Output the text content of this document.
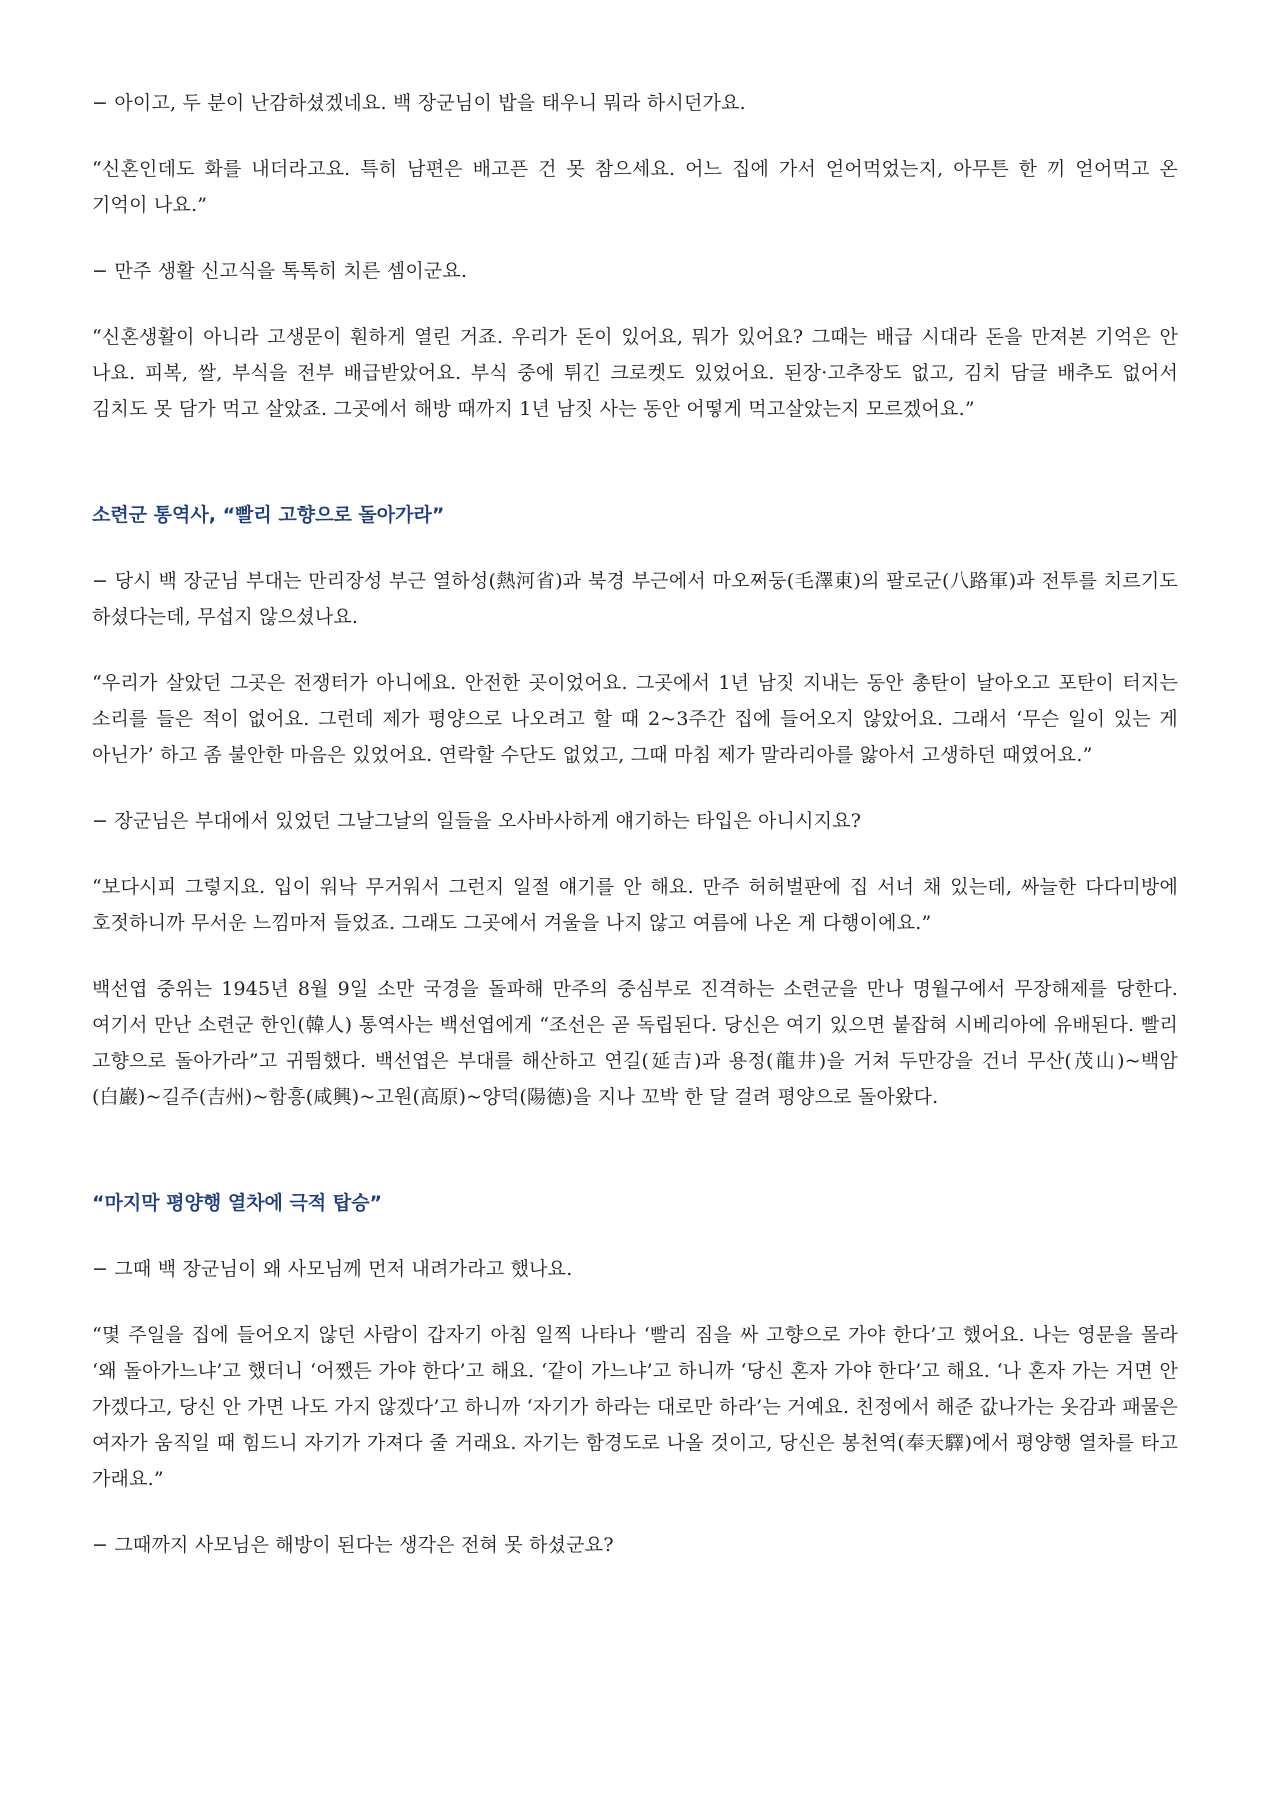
− 아이고, 두 분이 난감하셨겠네요. 백 장군님이 밥을 태우니 뭐라 하시던가요.

“신혼인데도 화를 내더라고요. 특히 남편은 배고픈 건 못 참으세요. 어느 집에 가서 얻어먹었는지, 아무튼 한 끼 얻어먹고 온 기억이 나요.”

− 만주 생활 신고식을 톡톡히 치른 셈이군요.

“신혼생활이 아니라 고생문이 훤하게 열린 거죠. 우리가 돈이 있어요, 뭐가 있어요? 그때는 배급 시대라 돈을 만져본 기억은 안 나요. 피복, 쌀, 부식을 전부 배급받았어요. 부식 중에 튀긴 크로켓도 있었어요. 된장·고추장도 없고, 김치 담글 배추도 없어서 김치도 못 담가 먹고 살았죠. 그곳에서 해방 때까지 1년 남짓 사는 동안 어떻게 먹고살았는지 모르겠어요.”

소련군 통역사, “빨리 고향으로 돌아가라”

− 당시 백 장군님 부대는 만리장성 부근 열하성(熱河省)과 북경 부근에서 마오쩌둥(毛澤東)의 팔로군(八路軍)과 전투를 치르기도 하셨다는데, 무섭지 않으셨나요.

“우리가 살았던 그곳은 전쟁터가 아니에요. 안전한 곳이었어요. 그곳에서 1년 남짓 지내는 동안 총탄이 날아오고 포탄이 터지는 소리를 들은 적이 없어요. 그런데 제가 평양으로 나오려고 할 때 2~3주간 집에 들어오지 않았어요. 그래서 ‘무슨 일이 있는 게 아닌가’ 하고 좀 불안한 마음은 있었어요. 연락할 수단도 없었고, 그때 마침 제가 말라리아를 앓아서 고생하던 때였어요.”

− 장군님은 부대에서 있었던 그날그날의 일들을 오사바사하게 얘기하는 타입은 아니시지요?

“보다시피 그렇지요. 입이 워낙 무거워서 그런지 일절 얘기를 안 해요. 만주 허허벌판에 집 서너 채 있는데, 싸늘한 다다미방에 호젓하니까 무서운 느낌마저 들었죠. 그래도 그곳에서 겨울을 나지 않고 여름에 나온 게 다행이에요.”

백선엽 중위는 1945년 8월 9일 소만 국경을 돌파해 만주의 중심부로 진격하는 소련군을 만나 명월구에서 무장해제를 당한다. 여기서 만난 소련군 한인(韓人) 통역사는 백선엽에게 “조선은 곧 독립된다. 당신은 여기 있으면 붙잡혀 시베리아에 유배된다. 빨리 고향으로 돌아가라”고 귀띔했다. 백선엽은 부대를 해산하고 연길(延吉)과 용정(龍井)을 거쳐 두만강을 건너 무산(茂山)~백암(白巖)~길주(吉州)~함흥(咸興)~고원(高原)~양덕(陽德)을 지나 꼬박 한 달 걸려 평양으로 돌아왔다.

“마지막 평양행 열차에 극적 탑승”

− 그때 백 장군님이 왜 사모님께 먼저 내려가라고 했나요.

“몇 주일을 집에 들어오지 않던 사람이 갑자기 아침 일찍 나타나 ‘빨리 짐을 싸 고향으로 가야 한다’고 했어요. 나는 영문을 몰라 ‘왜 돌아가느냐’고 했더니 ‘어쨌든 가야 한다’고 해요. ‘같이 가느냐’고 하니까 ‘당신 혼자 가야 한다’고 해요. ‘나 혼자 가는 거면 안 가겠다고, 당신 안 가면 나도 가지 않겠다’고 하니까 ‘자기가 하라는 대로만 하라’는 거예요. 친정에서 해준 값나가는 옷감과 패물은 여자가 움직일 때 힘드니 자기가 가져다 줄 거래요. 자기는 함경도로 나올 것이고, 당신은 봉천역(奉天驛)에서 평양행 열차를 타고 가래요.”

− 그때까지 사모님은 해방이 된다는 생각은 전혀 못 하셨군요?
